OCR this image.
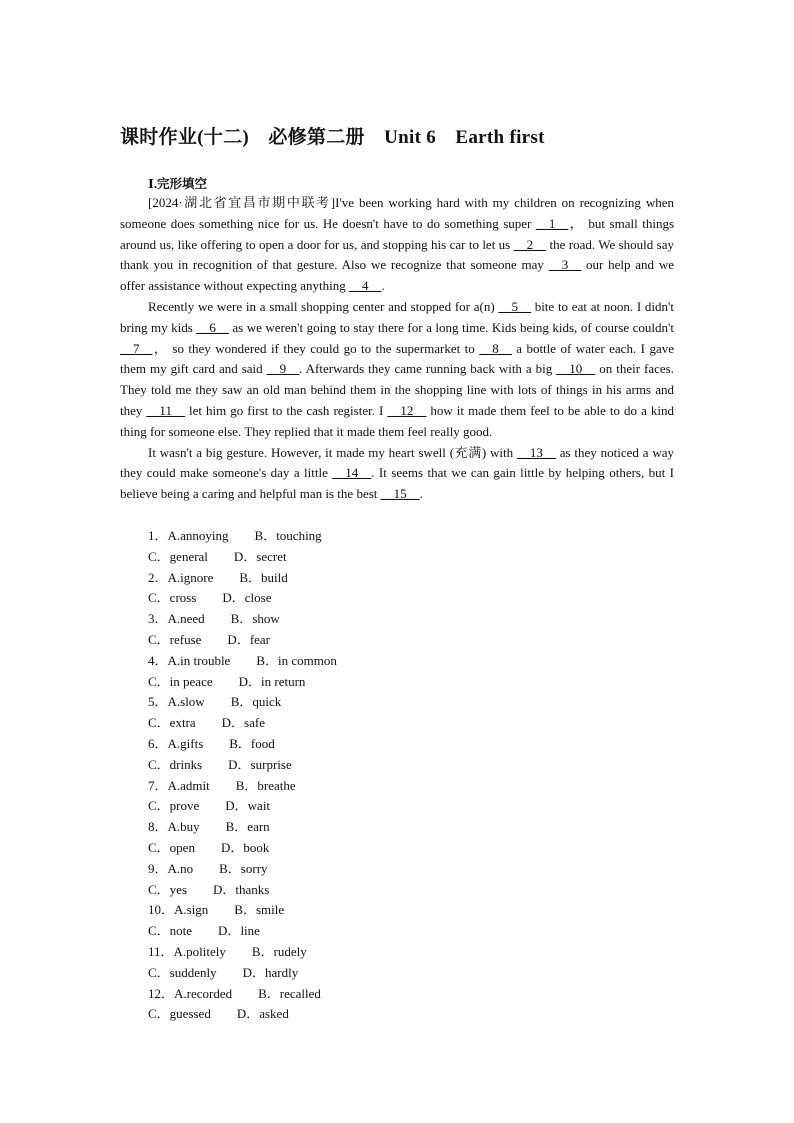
课时作业(十二)　必修第二册　Unit 6　Earth first
Ⅰ.完形填空

[2024·湖北省宜昌市期中联考]I've been working hard with my children on recognizing when someone does something nice for us. He doesn't have to do something super __1__， but small things around us, like offering to open a door for us, and stopping his car to let us __2__ the road. We should say thank you in recognition of that gesture. Also we recognize that someone may __3__ our help and we offer assistance without expecting anything __4__.

Recently we were in a small shopping center and stopped for a(n) __5__ bite to eat at noon. I didn't bring my kids __6__ as we weren't going to stay there for a long time. Kids being kids, of course couldn't __7__， so they wondered if they could go to the supermarket to __8__ a bottle of water each. I gave them my gift card and said __9__. Afterwards they came running back with a big __10__ on their faces. They told me they saw an old man behind them in the shopping line with lots of things in his arms and they __11__ let him go first to the cash register. I __12__ how it made them feel to be able to do a kind thing for someone else. They replied that it made them feel really good.

It wasn't a big gesture. However, it made my heart swell (充满) with __13__ as they noticed a way they could make someone's day a little __14__. It seems that we can gain little by helping others, but I believe being a caring and helpful man is the best __15__.

1．A.annoying　　B．touching
C．general　　D．secret
2．A.ignore　　B．build
C．cross　　D．close
3．A.need　　B．show
C．refuse　　D．fear
4．A.in trouble　　B．in common
C．in peace　　D．in return
5．A.slow　　B．quick
C．extra　　D．safe
6．A.gifts　　B．food
C．drinks　　D．surprise
7．A.admit　　B．breathe
C．prove　　D．wait
8．A.buy　　B．earn
C．open　　D．book
9．A.no　　B．sorry
C．yes　　D．thanks
10．A.sign　　B．smile
C．note　　D．line
11．A.politely　　B．rudely
C．suddenly　　D．hardly
12．A.recorded　　B．recalled
C．guessed　　D．asked
